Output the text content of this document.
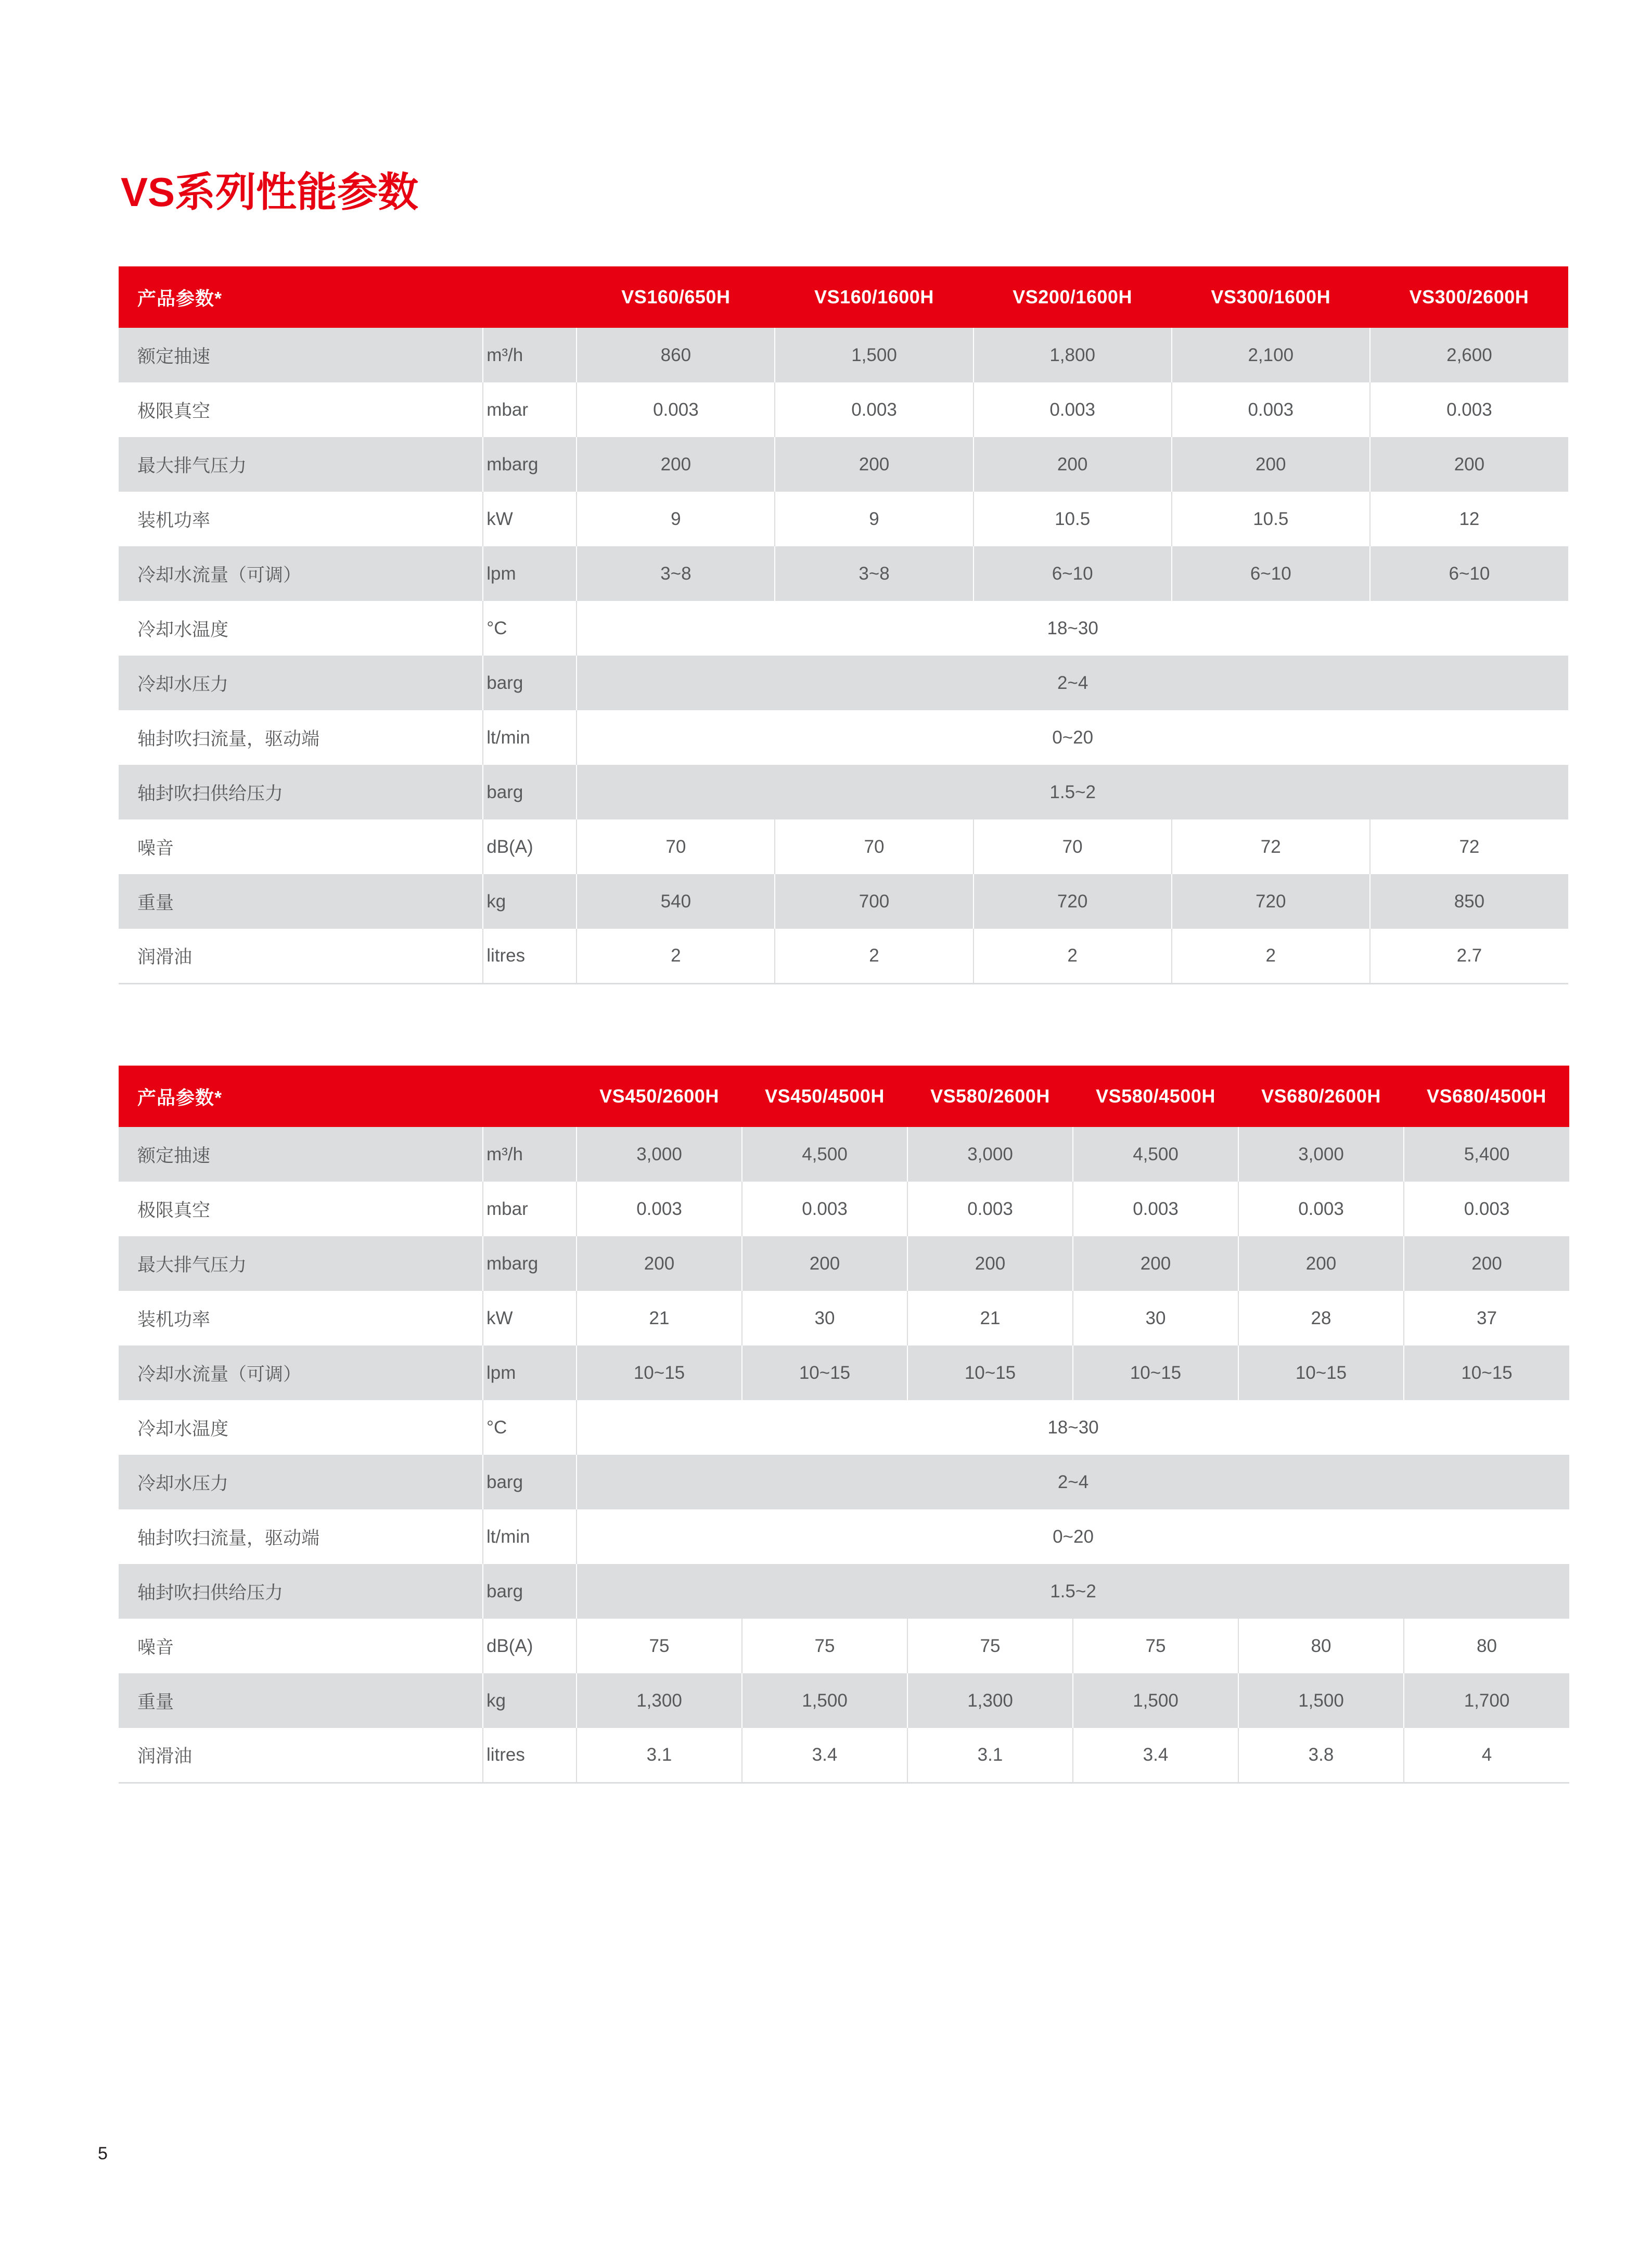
VS系列性能参数
产品参数*		VS160/650H	VS160/1600H	VS200/1600H	VS300/1600H	VS300/2600H
额定抽速	m³/h	860	1,500	1,800	2,100	2,600
极限真空	mbar	0.003	0.003	0.003	0.003	0.003
最大排气压力	mbarg	200	200	200	200	200
装机功率	kW	9	9	10.5	10.5	12
冷却水流量（可调）	lpm	3~8	3~8	6~10	6~10	6~10
冷却水温度	°C	18~30				
冷却水压力	barg	2~4				
轴封吹扫流量，驱动端	lt/min	0~20				
轴封吹扫供给压力	barg	1.5~2				
噪音	dB(A)	70	70	70	72	72
重量	kg	540	700	720	720	850
润滑油	litres	2	2	2	2	2.7
产品参数*		VS450/2600H	VS450/4500H	VS580/2600H	VS580/4500H	VS680/2600H	VS680/4500H
额定抽速	m³/h	3,000	4,500	3,000	4,500	3,000	5,400
极限真空	mbar	0.003	0.003	0.003	0.003	0.003	0.003
最大排气压力	mbarg	200	200	200	200	200	200
装机功率	kW	21	30	21	30	28	37
冷却水流量（可调）	lpm	10~15	10~15	10~15	10~15	10~15	10~15
冷却水温度	°C	18~30					
冷却水压力	barg	2~4					
轴封吹扫流量，驱动端	lt/min	0~20					
轴封吹扫供给压力	barg	1.5~2					
噪音	dB(A)	75	75	75	75	80	80
重量	kg	1,300	1,500	1,300	1,500	1,500	1,700
润滑油	litres	3.1	3.4	3.1	3.4	3.8	4
5
